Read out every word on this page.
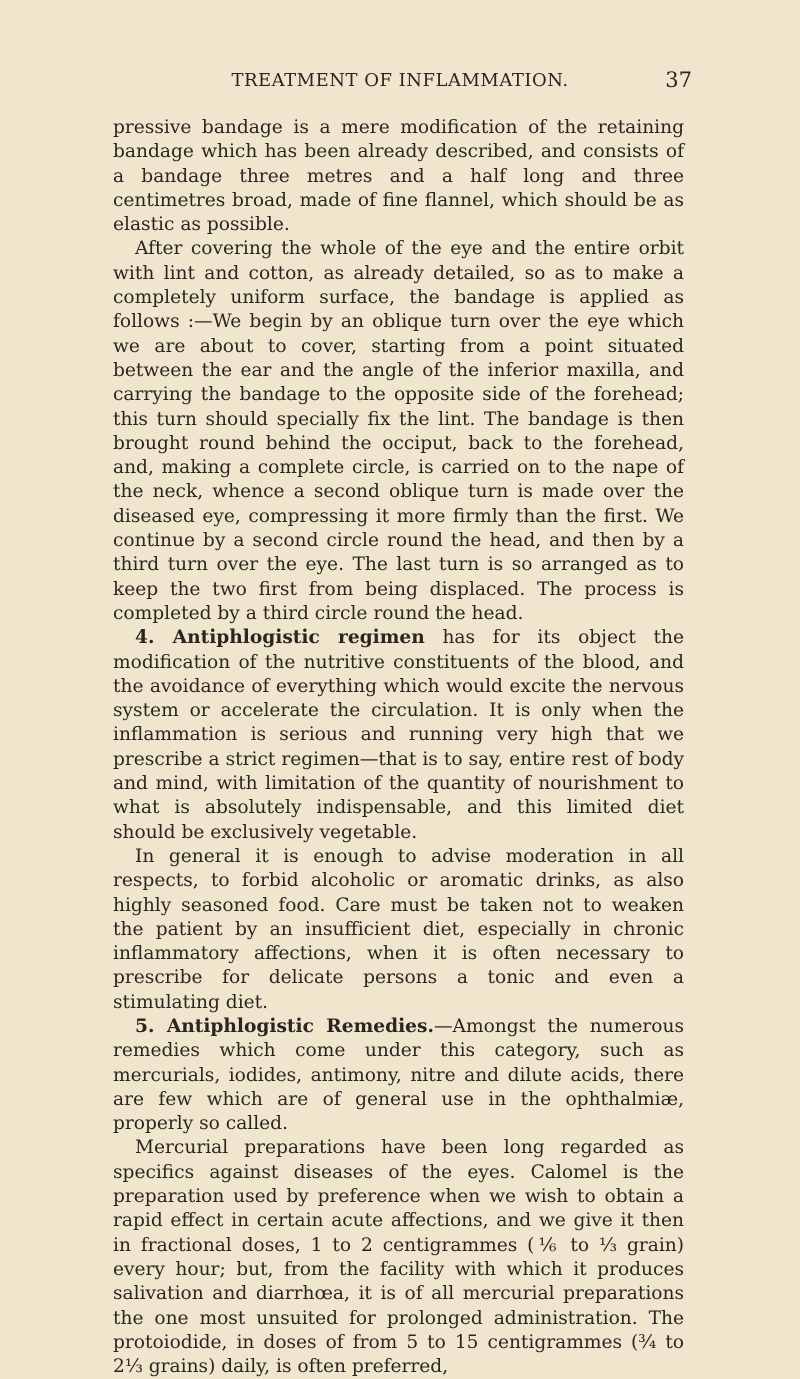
TREATMENT OF INFLAMMATION.	37

pressive bandage is a mere modification of the retaining bandage which has been already described, and consists of a bandage three metres and a half long and three centimetres broad, made of fine flannel, which should be as elastic as possible.

After covering the whole of the eye and the entire orbit with lint and cotton, as already detailed, so as to make a completely uniform surface, the bandage is applied as follows :—We begin by an oblique turn over the eye which we are about to cover, starting from a point situated between the ear and the angle of the inferior maxilla, and carrying the bandage to the opposite side of the forehead; this turn should specially fix the lint. The bandage is then brought round behind the occiput, back to the forehead, and, making a complete circle, is carried on to the nape of the neck, whence a second oblique turn is made over the diseased eye, compressing it more firmly than the first. We continue by a second circle round the head, and then by a third turn over the eye. The last turn is so arranged as to keep the two first from being displaced. The process is completed by a third circle round the head.

4. Antiphlogistic regimen has for its object the modification of the nutritive constituents of the blood, and the avoidance of everything which would excite the nervous system or accelerate the circulation. It is only when the inflammation is serious and running very high that we prescribe a strict regimen—that is to say, entire rest of body and mind, with limitation of the quantity of nourishment to what is absolutely indispensable, and this limited diet should be exclusively vegetable.

In general it is enough to advise moderation in all respects, to forbid alcoholic or aromatic drinks, as also highly seasoned food. Care must be taken not to weaken the patient by an insufficient diet, especially in chronic inflammatory affections, when it is often necessary to prescribe for delicate persons a tonic and even a stimulating diet.

5. Antiphlogistic Remedies.—Amongst the numerous remedies which come under this category, such as mercurials, iodides, antimony, nitre and dilute acids, there are few which are of general use in the ophthalmiæ, properly so called.

Mercurial preparations have been long regarded as specifics against diseases of the eyes. Calomel is the preparation used by preference when we wish to obtain a rapid effect in certain acute affections, and we give it then in fractional doses, 1 to 2 centigrammes (⅙ to ⅓ grain) every hour; but, from the facility with which it produces salivation and diarrhœa, it is of all mercurial preparations the one most unsuited for prolonged administration. The protoiodide, in doses of from 5 to 15 centigrammes (¾ to 2⅓ grains) daily, is often preferred,
